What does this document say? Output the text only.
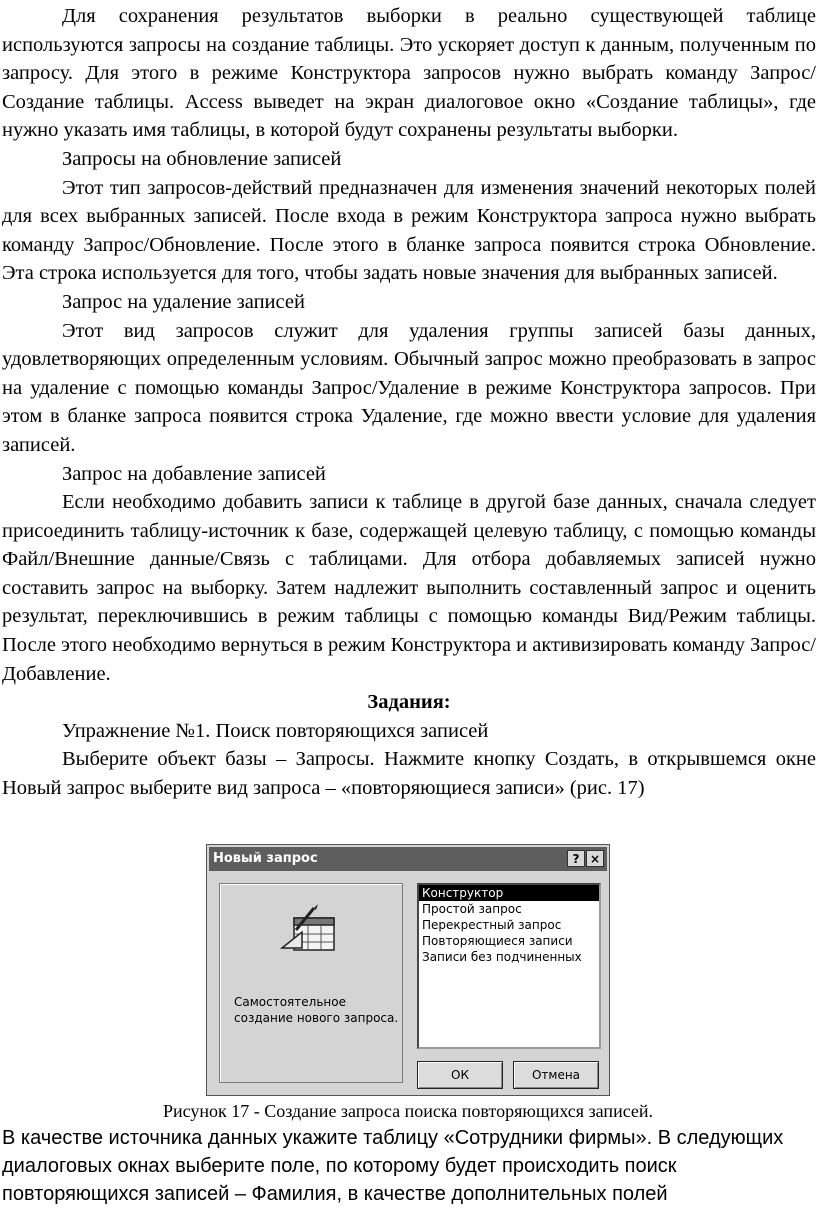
Для сохранения результатов выборки в реально существующей таблице используются запросы на создание таблицы. Это ускоряет доступ к данным, полученным по запросу. Для этого в режиме Конструктора запросов нужно выбрать команду Запрос/Создание таблицы. Access выведет на экран диалоговое окно «Создание таблицы», где нужно указать имя таблицы, в которой будут сохранены результаты выборки.

Запросы на обновление записей

Этот тип запросов-действий предназначен для изменения значений некоторых полей для всех выбранных записей. После входа в режим Конструктора запроса нужно выбрать команду Запрос/Обновление. После этого в бланке запроса появится строка Обновление. Эта строка используется для того, чтобы задать новые значения для выбранных записей.

Запрос на удаление записей

Этот вид запросов служит для удаления группы записей базы данных, удовлетворяющих определенным условиям. Обычный запрос можно преобразовать в запрос на удаление с помощью команды Запрос/Удаление в режиме Конструктора запросов. При этом в бланке запроса появится строка Удаление, где можно ввести условие для удаления записей.

Запрос на добавление записей

Если необходимо добавить записи к таблице в другой базе данных, сначала следует присоединить таблицу-источник к базе, содержащей целевую таблицу, с помощью команды Файл/Внешние данные/Связь с таблицами. Для отбора добавляемых записей нужно составить запрос на выборку. Затем надлежит выполнить составленный запрос и оценить результат, переключившись в режим таблицы с помощью команды Вид/Режим таблицы. После этого необходимо вернуться в режим Конструктора и активизировать команду Запрос/Добавление.

Задания:

Упражнение №1. Поиск повторяющихся записей

Выберите объект базы – Запросы. Нажмите кнопку Создать, в открывшемся окне Новый запрос выберите вид запроса – «повторяющиеся записи» (рис. 17)

Новый запрос	? ×
Самостоятельное создание нового запроса.
Конструктор
Простой запрос
Перекрестный запрос
Повторяющиеся записи
Записи без подчиненных
ОК	Отмена
Рисунок 17 - Создание запроса поиска повторяющихся записей.
В качестве источника данных укажите таблицу «Сотрудники фирмы». В следующих диалоговых окнах выберите поле, по которому будет происходить поиск повторяющихся записей – Фамилия, в качестве дополнительных полей
